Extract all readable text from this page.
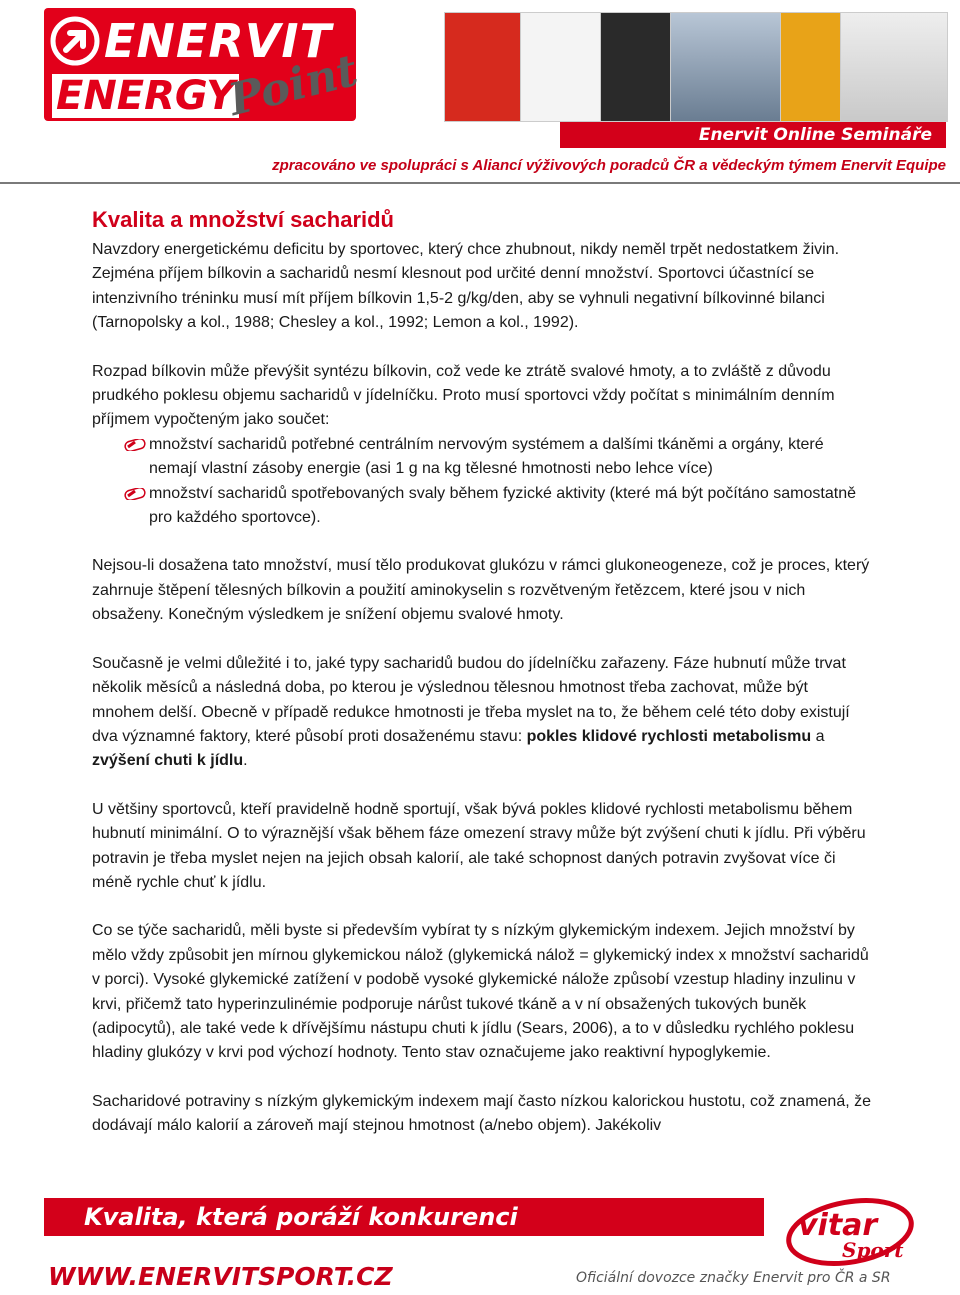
ENERVIT
ENERGY
Point
Enervit Online Semináře
zpracováno ve spolupráci s Aliancí výživových poradců ČR a vědeckým týmem Enervit Equipe
Kvalita a množství sacharidů

Navzdory energetickému deficitu by sportovec, který chce zhubnout, nikdy neměl trpět nedostatkem živin. Zejména příjem bílkovin a sacharidů nesmí klesnout pod určité denní množství. Sportovci účastnící se intenzivního tréninku musí mít příjem bílkovin 1,5-2 g/kg/den, aby se vyhnuli negativní bílkovinné bilanci (Tarnopolsky a kol., 1988; Chesley a kol., 1992; Lemon a kol., 1992).

Rozpad bílkovin může převýšit syntézu bílkovin, což vede ke ztrátě svalové hmoty, a to zvláště z důvodu prudkého poklesu objemu sacharidů v jídelníčku. Proto musí sportovci vždy počítat s minimálním denním příjmem vypočteným jako součet:

množství sacharidů potřebné centrálním nervovým systémem a dalšími tkáněmi a orgány, které nemají vlastní zásoby energie (asi 1 g na kg tělesné hmotnosti nebo lehce více)
množství sacharidů spotřebovaných svaly během fyzické aktivity (které má být počítáno samostatně pro každého sportovce).

Nejsou-li dosažena tato množství, musí tělo produkovat glukózu v rámci glukoneogeneze, což je proces, který zahrnuje štěpení tělesných bílkovin a použití aminokyselin s rozvětveným řetězcem, které jsou v nich obsaženy. Konečným výsledkem je snížení objemu svalové hmoty.

Současně je velmi důležité i to, jaké typy sacharidů budou do jídelníčku zařazeny. Fáze hubnutí může trvat několik měsíců a následná doba, po kterou je výslednou tělesnou hmotnost třeba zachovat, může být mnohem delší. Obecně v případě redukce hmotnosti je třeba myslet na to, že během celé této doby existují dva významné faktory, které působí proti dosaženému stavu: pokles klidové rychlosti metabolismu a zvýšení chuti k jídlu.

U většiny sportovců, kteří pravidelně hodně sportují, však bývá pokles klidové rychlosti metabolismu během hubnutí minimální. O to výraznější však během fáze omezení stravy může být zvýšení chuti k jídlu. Při výběru potravin je třeba myslet nejen na jejich obsah kalorií, ale také schopnost daných potravin zvyšovat více či méně rychle chuť k jídlu.

Co se týče sacharidů, měli byste si především vybírat ty s nízkým glykemickým indexem. Jejich množství by mělo vždy způsobit jen mírnou glykemickou nálož (glykemická nálož = glykemický index x množství sacharidů v porci). Vysoké glykemické zatížení v podobě vysoké glykemické nálože způsobí vzestup hladiny inzulinu v krvi, přičemž tato hyperinzulinémie podporuje nárůst tukové tkáně a v ní obsažených tukových buněk (adipocytů), ale také vede k dřívějšímu nástupu chuti k jídlu (Sears, 2006), a to v důsledku rychlého poklesu hladiny glukózy v krvi pod výchozí hodnoty. Tento stav označujeme jako reaktivní hypoglykemie.

Sacharidové potraviny s nízkým glykemickým indexem mají často nízkou kalorickou hustotu, což znamená, že dodávají málo kalorií a zároveň mají stejnou hmotnost (a/nebo objem). Jakékoliv

Kvalita, která poráží konkurenci
WWW.ENERVITSPORT.CZ	Oficiální dovozce značky Enervit pro ČR a SR
vitar
Sport
